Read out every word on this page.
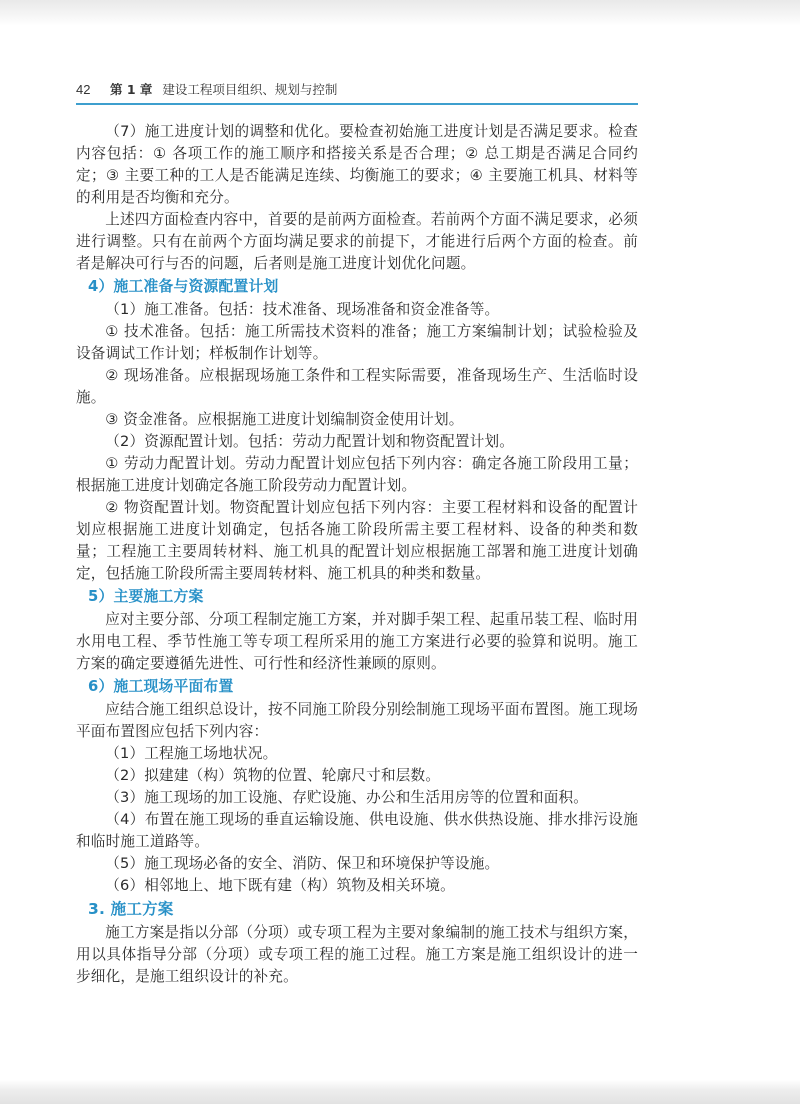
42	第 1 章 建设工程项目组织、规划与控制

（7）施工进度计划的调整和优化。要检查初始施工进度计划是否满足要求。检查内容包括：① 各项工作的施工顺序和搭接关系是否合理；② 总工期是否满足合同约定；③ 主要工种的工人是否能满足连续、均衡施工的要求；④ 主要施工机具、材料等的利用是否均衡和充分。

上述四方面检查内容中，首要的是前两方面检查。若前两个方面不满足要求，必须进行调整。只有在前两个方面均满足要求的前提下，才能进行后两个方面的检查。前者是解决可行与否的问题，后者则是施工进度计划优化问题。

4）施工准备与资源配置计划

（1）施工准备。包括：技术准备、现场准备和资金准备等。

① 技术准备。包括：施工所需技术资料的准备；施工方案编制计划；试验检验及设备调试工作计划；样板制作计划等。

② 现场准备。应根据现场施工条件和工程实际需要，准备现场生产、生活临时设施。

③ 资金准备。应根据施工进度计划编制资金使用计划。

（2）资源配置计划。包括：劳动力配置计划和物资配置计划。

① 劳动力配置计划。劳动力配置计划应包括下列内容：确定各施工阶段用工量；根据施工进度计划确定各施工阶段劳动力配置计划。

② 物资配置计划。物资配置计划应包括下列内容：主要工程材料和设备的配置计划应根据施工进度计划确定，包括各施工阶段所需主要工程材料、设备的种类和数量；工程施工主要周转材料、施工机具的配置计划应根据施工部署和施工进度计划确定，包括施工阶段所需主要周转材料、施工机具的种类和数量。

5）主要施工方案

应对主要分部、分项工程制定施工方案，并对脚手架工程、起重吊装工程、临时用水用电工程、季节性施工等专项工程所采用的施工方案进行必要的验算和说明。施工方案的确定要遵循先进性、可行性和经济性兼顾的原则。

6）施工现场平面布置

应结合施工组织总设计，按不同施工阶段分别绘制施工现场平面布置图。施工现场平面布置图应包括下列内容：

（1）工程施工场地状况。

（2）拟建建（构）筑物的位置、轮廓尺寸和层数。

（3）施工现场的加工设施、存贮设施、办公和生活用房等的位置和面积。

（4）布置在施工现场的垂直运输设施、供电设施、供水供热设施、排水排污设施和临时施工道路等。

（5）施工现场必备的安全、消防、保卫和环境保护等设施。

（6）相邻地上、地下既有建（构）筑物及相关环境。

3. 施工方案

施工方案是指以分部（分项）或专项工程为主要对象编制的施工技术与组织方案，用以具体指导分部（分项）或专项工程的施工过程。施工方案是施工组织设计的进一步细化，是施工组织设计的补充。
